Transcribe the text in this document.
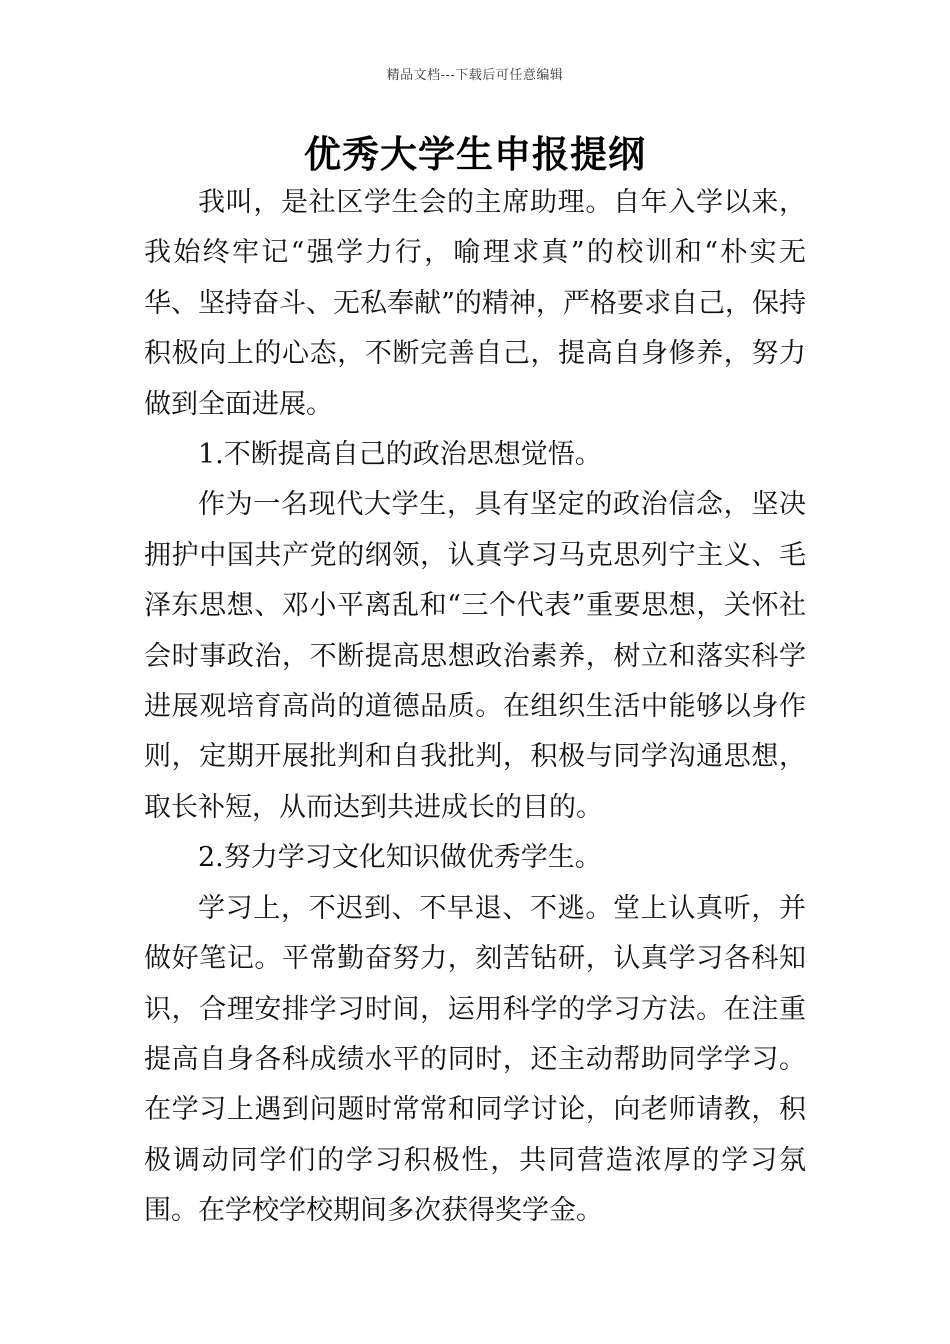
精品文档---下载后可任意编辑
优秀大学生申报提纲

我叫，是社区学生会的主席助理。自年入学以来，我始终牢记“强学力行，喻理求真”的校训和“朴实无华、坚持奋斗、无私奉献”的精神，严格要求自己，保持积极向上的心态，不断完善自己，提高自身修养，努力做到全面进展。

1.不断提高自己的政治思想觉悟。

作为一名现代大学生，具有坚定的政治信念，坚决拥护中国共产党的纲领，认真学习马克思列宁主义、毛泽东思想、邓小平离乱和“三个代表”重要思想，关怀社会时事政治，不断提高思想政治素养，树立和落实科学进展观培育高尚的道德品质。在组织生活中能够以身作则，定期开展批判和自我批判，积极与同学沟通思想，取长补短，从而达到共进成长的目的。

2.努力学习文化知识做优秀学生。

学习上，不迟到、不早退、不逃。堂上认真听，并做好笔记。平常勤奋努力，刻苦钻研，认真学习各科知识，合理安排学习时间，运用科学的学习方法。在注重提高自身各科成绩水平的同时，还主动帮助同学学习。在学习上遇到问题时常常和同学讨论，向老师请教，积极调动同学们的学习积极性，共同营造浓厚的学习氛围。在学校学校期间多次获得奖学金。
